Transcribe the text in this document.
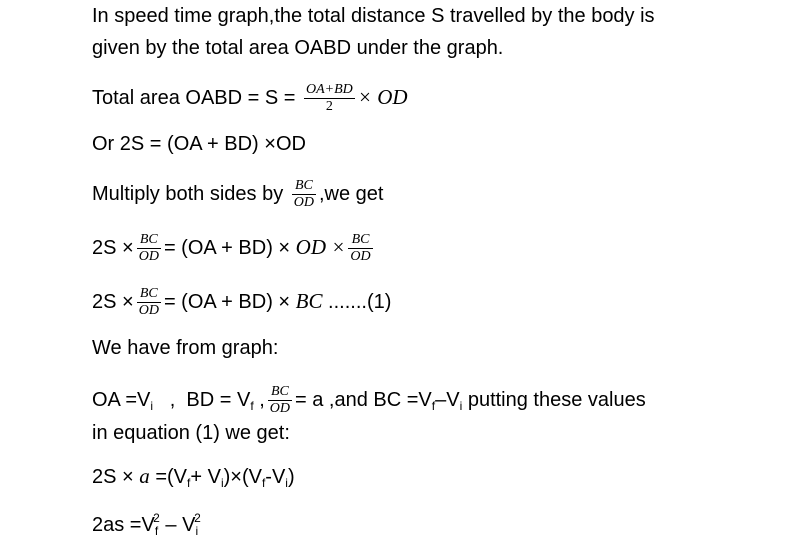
In speed time graph,the total distance S travelled by the body is
given by the total area OABD under the graph.
Total area OABD = $S = \frac{OA+BD}{2}$ × OD
Or 2S = (OA + BD) ×OD
Multiply both sides by $\frac{BC}{OD} ,we$ get
$2S \times \frac{BC}{OD} = (OA + BD)$ × OD × $\frac{BC}{OD}$
$2S \times \frac{BC}{OD} = (OA + BD)$ × BC .......(1)
We have from graph:
OA $=V_i$   ,  BD = $V_f$ , $\frac{BC}{OD} = a$ ,and BC $=V_f-V_i$ putting these values
in equation (1) we get:
$2S \times a =(V_f+ V_i)\times(V_f-V_i)$
$2as =V_f^2 - V_i^2$
